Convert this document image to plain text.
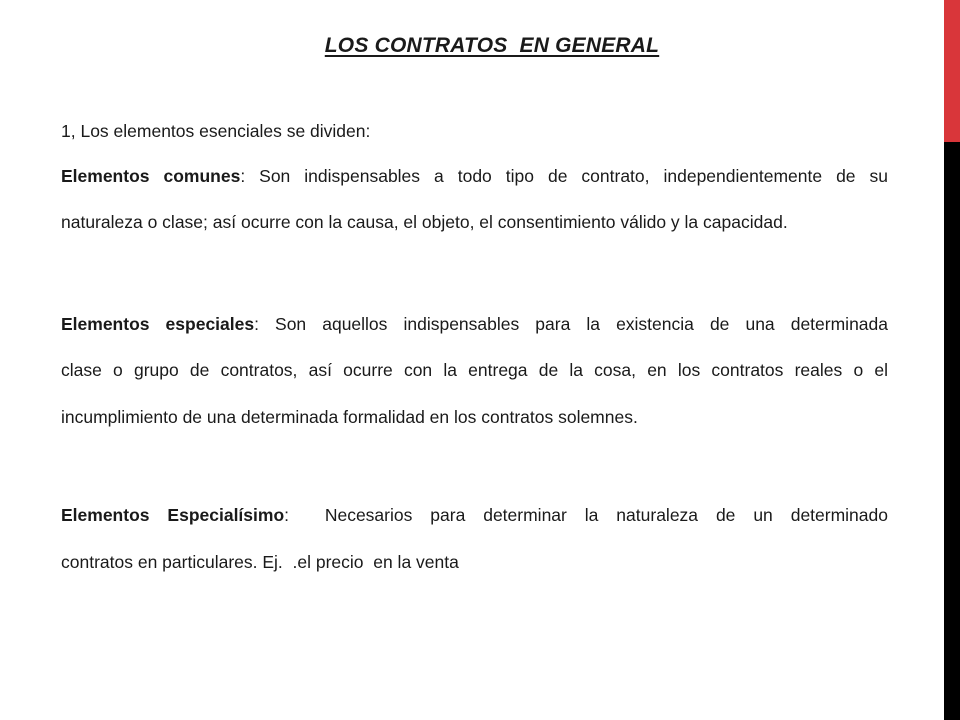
LOS CONTRATOS  EN GENERAL
1, Los elementos esenciales se dividen:
Elementos comunes: Son indispensables a todo tipo de contrato, independientemente de su
naturaleza o clase; así ocurre con la causa, el objeto, el consentimiento válido y la capacidad.
Elementos especiales: Son aquellos indispensables para la existencia de una determinada
clase o grupo de contratos, así ocurre con la entrega de la cosa, en los contratos reales o el
incumplimiento de una determinada formalidad en los contratos solemnes.
Elementos Especialísimo:  Necesarios para determinar la naturaleza de un determinado
contratos en particulares. Ej.  .el precio  en la venta
